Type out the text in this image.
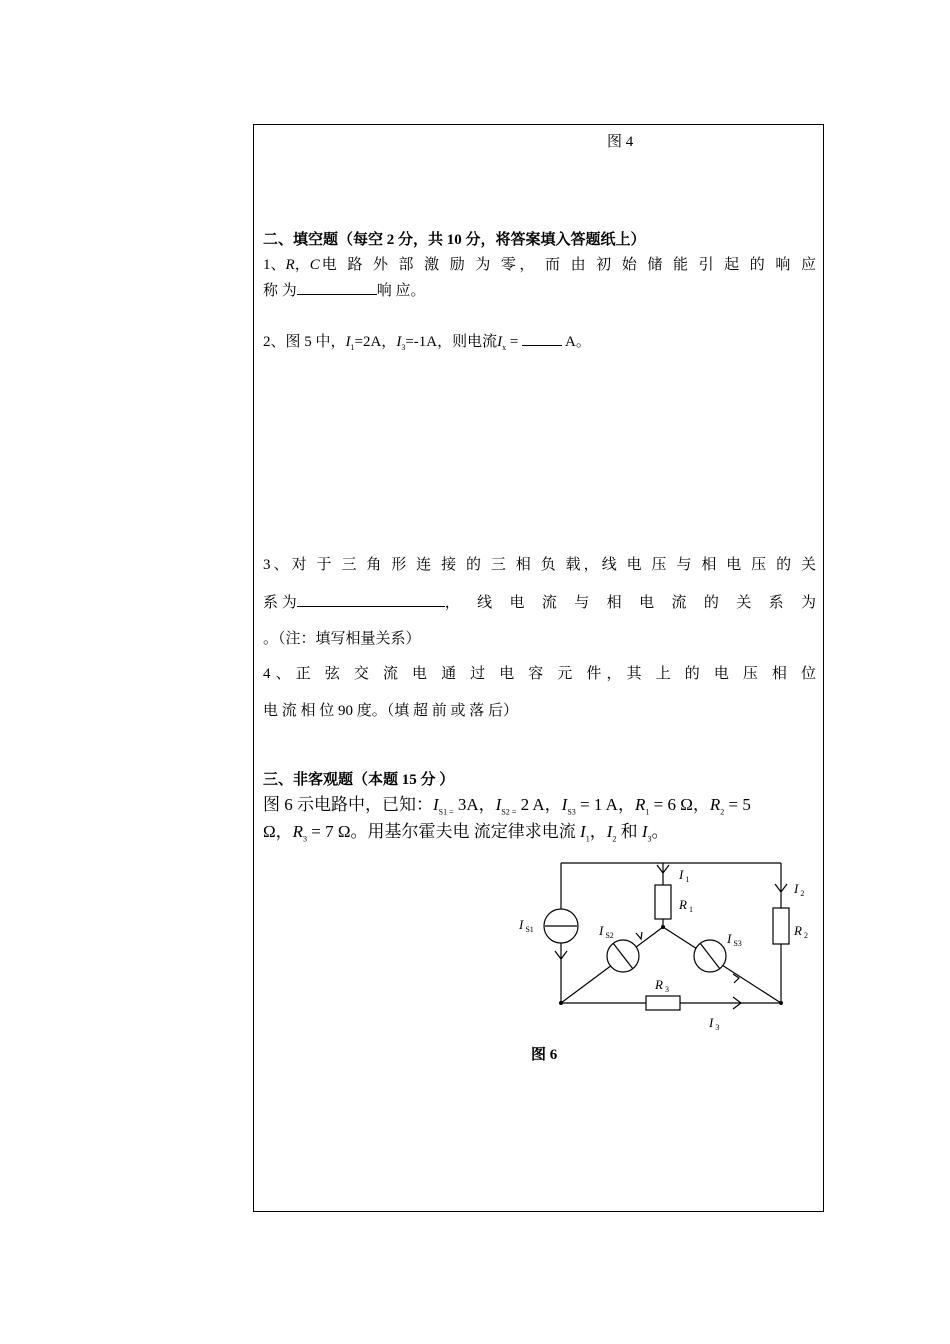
图 4
二、填空题（每空 2 分，共 10 分，将答案填入答题纸上）
1、R，C 电 路 外 部 激 励 为 零， 而 由 初 始 储 能 引 起 的 响 应
称 为	响 应。
2、图 5 中，$I_1=2A$，$I_3=-1A$，则电流$I_x$ =	A。
3、对 于 三 角 形 连 接 的 三 相 负 载，线 电 压 与 相 电 压 的 关
系 为	， 线 电 流 与 相 电 流 的 关 系 为
。（注：填写相量关系）
4、正 弦 交 流 电 通 过 电 容 元 件，其 上 的 电 压 相 位
电 流 相 位 90 度。（填 超 前 或 落 后）
三、非客观题（本题 15 分 ）
图 6 示电路中，已知：$I_{S1 =}$ 3A，$I_{S2 =}$ 2 A，$I_{S3} = 1$ A，$R_1 = 6$ Ω，$R_2 = 5$
Ω，$R_3 = 7$ Ω。用基尔霍夫电 流定律求电流 $I_1$，$I_2$ 和 $I_3$。
I $_1$
R $_1$
I $_2$
R $_2$
I $_{S1}$	I $_{S2}$	I $_{S3}$
R $_3$
I $_3$
图 6
